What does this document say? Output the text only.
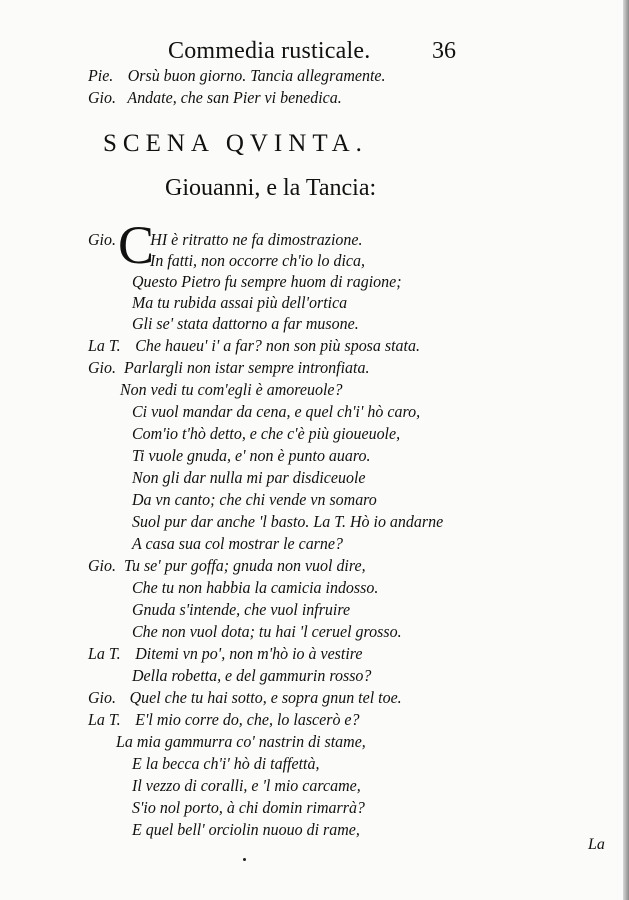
Commedia rusticale.	36
Pie. Orsù buon giorno. Tancia allegramente.
Gio. Andate, che san Pier vi benedica.
SCENA QVINTA.
Giouanni, e la Tancia:
C
Gio. HI è ritratto ne fa dimostrazione.
In fatti, non occorre ch'io lo dica,
Questo Pietro fu sempre huom di ragione;
Ma tu rubida assai più dell'ortica
Gli se' stata dattorno a far musone.
La T. Che haueu' i' a far? non son più sposa stata.
Gio. Parlargli non istar sempre intronfiata.
Non vedi tu com'egli è amoreuole?
Ci vuol mandar da cena, e quel ch'i' hò caro,
Com'io t'hò detto, e che c'è più gioueuole,
Ti vuole gnuda, e' non è punto auaro.
Non gli dar nulla mi par disdiceuole
Da vn canto; che chi vende vn somaro
Suol pur dar anche 'l basto. La T. Hò io andarne
A casa sua col mostrar le carne?
Gio. Tu se' pur goffa; gnuda non vuol dire,
Che tu non habbia la camicia indosso.
Gnuda s'intende, che vuol infruire
Che non vuol dota; tu hai 'l ceruel grosso.
La T. Ditemi vn po', non m'hò io à vestire
Della robetta, e del gammurin rosso?
Gio. Quel che tu hai sotto, e sopra gnun tel toe.
La T. E'l mio corre do, che, lo lascerò e?
La mia gammurra co' nastrin di stame,
E la becca ch'i' hò di taffettà,
Il vezzo di coralli, e 'l mio carcame,
S'io nol porto, à chi domin rimarrà?
E quel bell' orciolin nuouo di rame,
La
